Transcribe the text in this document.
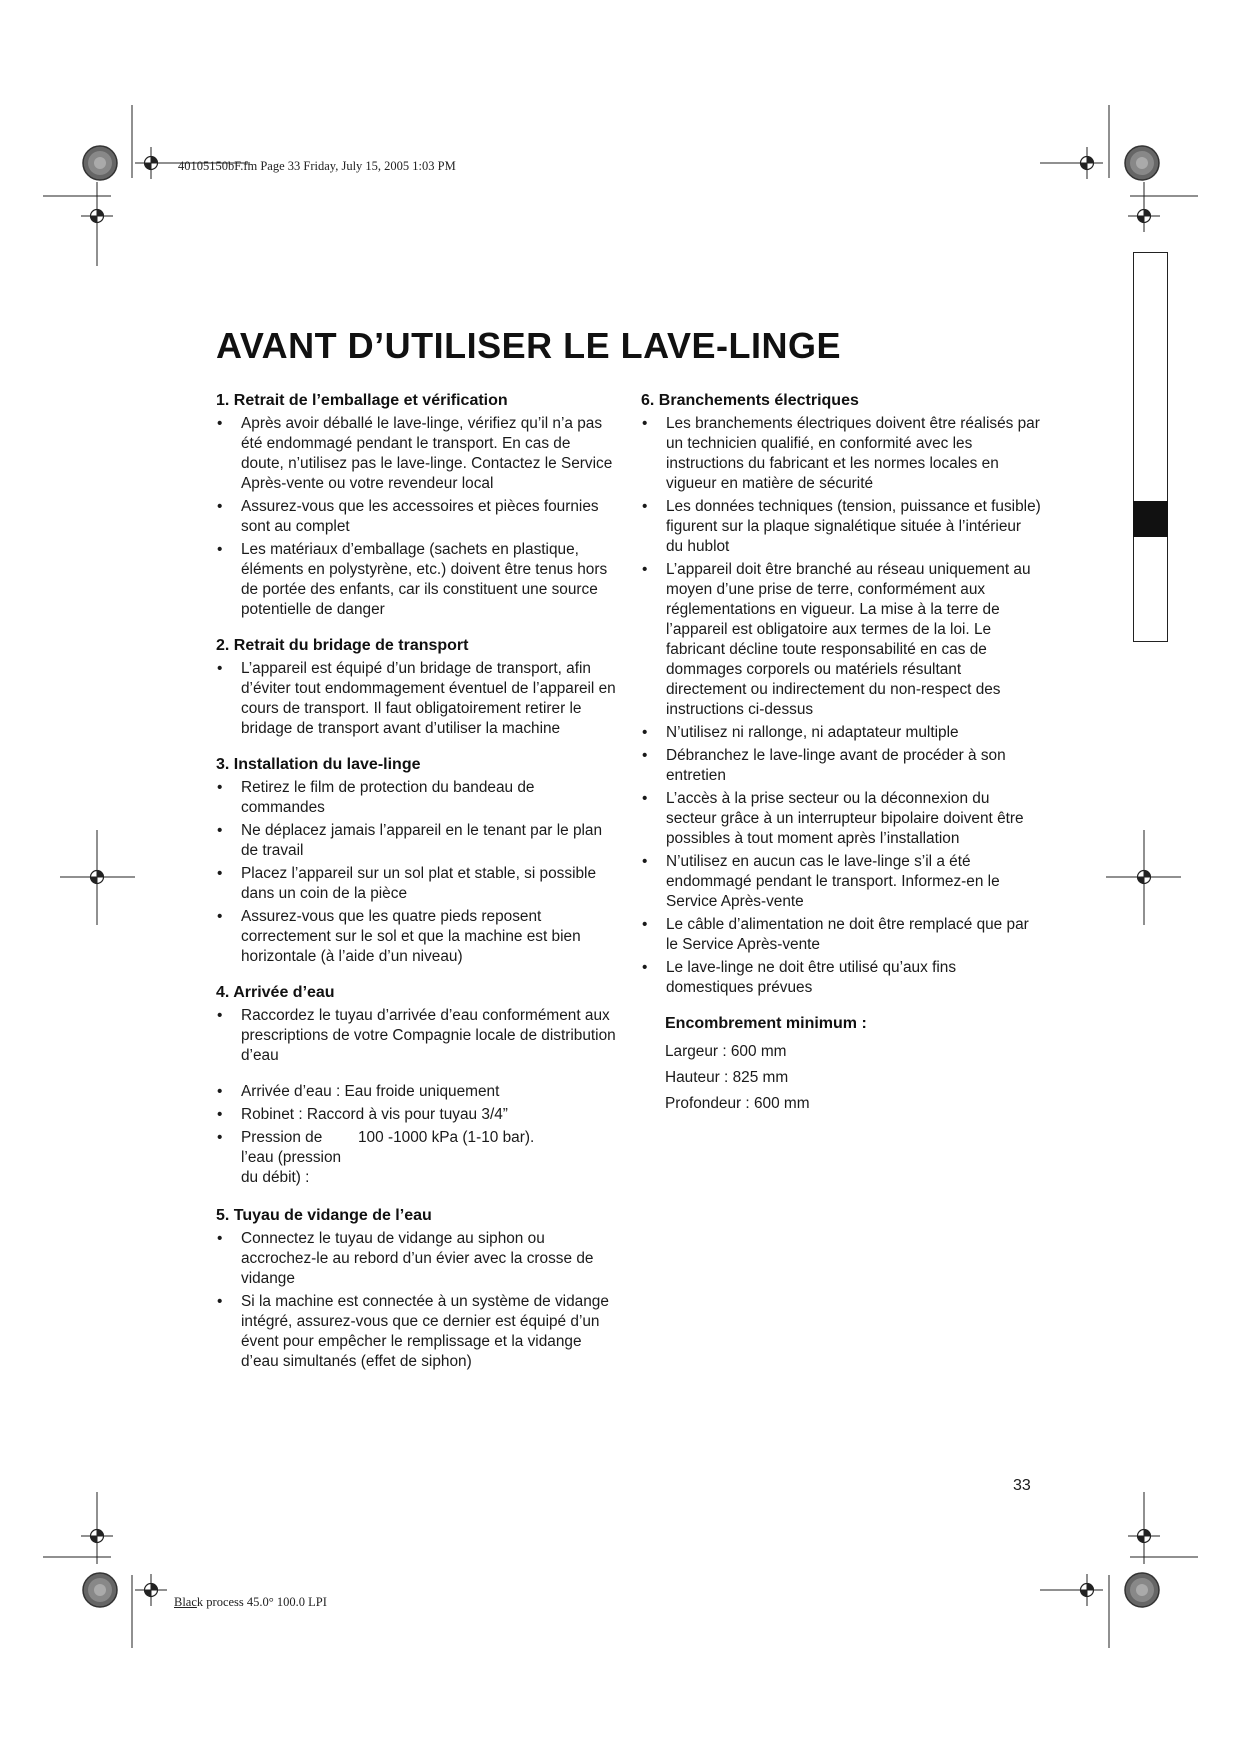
40105150bF.fm Page 33 Friday, July 15, 2005 1:03 PM
Black process 45.0° 100.0 LPI
AVANT D’UTILISER LE LAVE-LINGE
1. Retrait de l’emballage et vérification
• Après avoir déballé le lave-linge, vérifiez qu’il n’a pas été endommagé pendant le transport. En cas de doute, n’utilisez pas le lave-linge. Contactez le Service Après-vente ou votre revendeur local
• Assurez-vous que les accessoires et pièces fournies sont au complet
• Les matériaux d’emballage (sachets en plastique, éléments en polystyrène, etc.) doivent être tenus hors de portée des enfants, car ils constituent une source potentielle de danger
2. Retrait du bridage de transport
• L’appareil est équipé d’un bridage de transport, afin d’éviter tout endommagement éventuel de l’appareil en cours de transport. Il faut obligatoirement retirer le bridage de transport avant d’utiliser la machine
3. Installation du lave-linge
• Retirez le film de protection du bandeau de commandes
• Ne déplacez jamais l’appareil en le tenant par le plan de travail
• Placez l’appareil sur un sol plat et stable, si possible dans un coin de la pièce
• Assurez-vous que les quatre pieds reposent correctement sur le sol et que la machine est bien horizontale (à l’aide d’un niveau)
4. Arrivée d’eau
• Raccordez le tuyau d’arrivée d’eau conformément aux prescriptions de votre Compagnie locale de distribution d’eau
• Arrivée d’eau : Eau froide uniquement
• Robinet : Raccord à vis pour tuyau 3/4”
• Pression de l’eau (pression du débit) :
100 -1000 kPa (1-10 bar).
5. Tuyau de vidange de l’eau
• Connectez le tuyau de vidange au siphon ou accrochez-le au rebord d’un évier avec la crosse de vidange
• Si la machine est connectée à un système de vidange intégré, assurez-vous que ce dernier est équipé d’un évent pour empêcher le remplissage et la vidange d’eau simultanés (effet de siphon)
6. Branchements électriques
• Les branchements électriques doivent être réalisés par un technicien qualifié, en conformité avec les instructions du fabricant et les normes locales en vigueur en matière de sécurité
• Les données techniques (tension, puissance et fusible) figurent sur la plaque signalétique située à l’intérieur du hublot
• L’appareil doit être branché au réseau uniquement au moyen d’une prise de terre, conformément aux réglementations en vigueur. La mise à la terre de l’appareil est obligatoire aux termes de la loi. Le fabricant décline toute responsabilité en cas de dommages corporels ou matériels résultant directement ou indirectement du non-respect des instructions ci-dessus
• N’utilisez ni rallonge, ni adaptateur multiple
• Débranchez le lave-linge avant de procéder à son entretien
• L’accès à la prise secteur ou la déconnexion du secteur grâce à un interrupteur bipolaire doivent être possibles à tout moment après l’installation
• N’utilisez en aucun cas le lave-linge s’il a été endommagé pendant le transport. Informez-en le Service Après-vente
• Le câble d’alimentation ne doit être remplacé que par le Service Après-vente
• Le lave-linge ne doit être utilisé qu’aux fins domestiques prévues
Encombrement minimum :
Largeur : 600 mm
Hauteur : 825 mm
Profondeur : 600 mm
33
